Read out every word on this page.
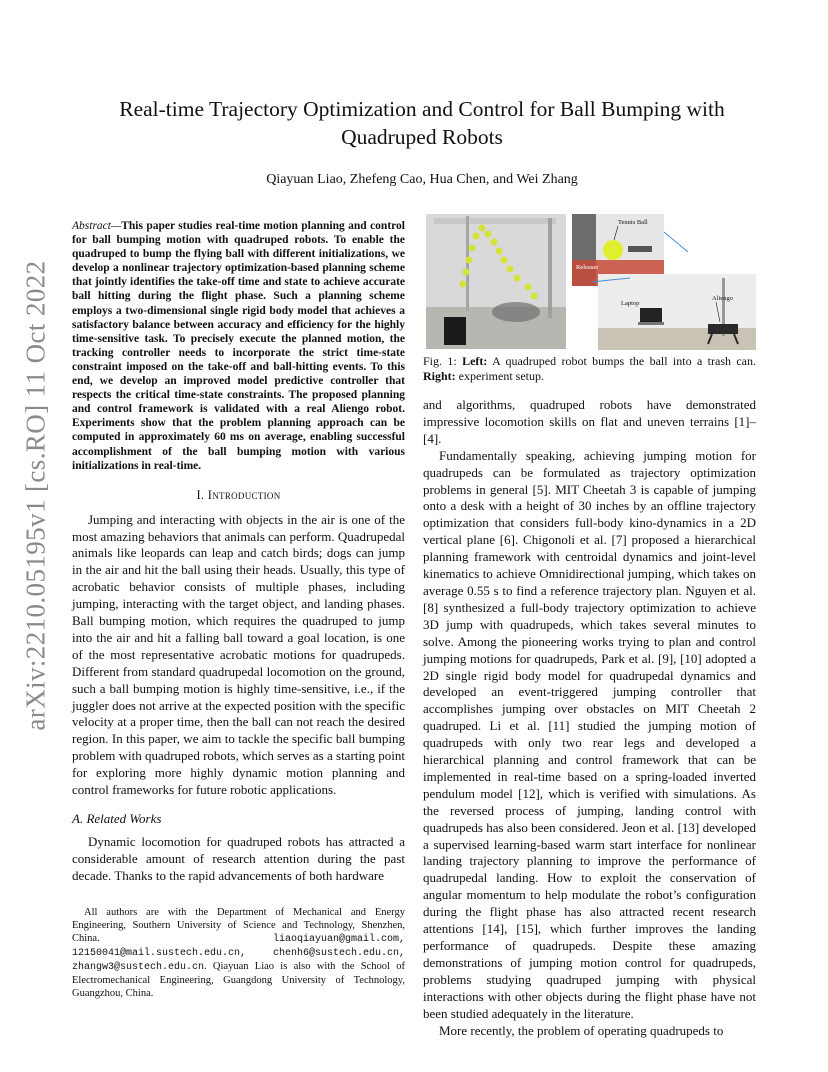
arXiv:2210.05195v1 [cs.RO] 11 Oct 2022
Real-time Trajectory Optimization and Control for Ball Bumping with
Quadruped Robots
Qiayuan Liao, Zhefeng Cao, Hua Chen, and Wei Zhang
Abstract—This paper studies real-time motion planning and control for ball bumping motion with quadruped robots. To enable the quadruped to bump the flying ball with different initializations, we develop a nonlinear trajectory optimization-based planning scheme that jointly identifies the take-off time and state to achieve accurate ball hitting during the flight phase. Such a planning scheme employs a two-dimensional single rigid body model that achieves a satisfactory balance between accuracy and efficiency for the highly time-sensitive task. To precisely execute the planned motion, the tracking controller needs to incorporate the strict time-state constraint imposed on the take-off and ball-hitting events. To this end, we develop an improved model predictive controller that respects the critical time-state constraints. The proposed planning and control framework is validated with a real Aliengo robot. Experiments show that the problem planning approach can be computed in approximately 60 ms on average, enabling successful accomplishment of the ball bumping motion with various initializations in real-time.
I. Introduction

Jumping and interacting with objects in the air is one of the most amazing behaviors that animals can perform. Quadrupedal animals like leopards can leap and catch birds; dogs can jump in the air and hit the ball using their heads. Usually, this type of acrobatic behavior consists of multiple phases, including jumping, interacting with the target object, and landing phases. Ball bumping motion, which requires the quadruped to jump into the air and hit a falling ball toward a goal location, is one of the most representative acrobatic motions for quadrupeds. Different from standard quadrupedal locomotion on the ground, such a ball bumping motion is highly time-sensitive, i.e., if the juggler does not arrive at the expected position with the specific velocity at a proper time, then the ball can not reach the desired region. In this paper, we aim to tackle the specific ball bumping problem with quadruped robots, which serves as a starting point for exploring more highly dynamic motion planning and control frameworks for future robotic applications.

A. Related Works

Dynamic locomotion for quadruped robots has attracted a considerable amount of research attention during the past decade. Thanks to the rapid advancements of both hardware

All authors are with the Department of Mechanical and Energy Engineering, Southern University of Science and Technology, Shenzhen, China.	liaoqiayuan@gmail.com, 12150041@mail.sustech.edu.cn, chenh6@sustech.edu.cn, zhangw3@sustech.edu.cn. Qiayuan Liao is also with the School of Electromechanical Engineering, Guangdong University of Technology, Guangzhou, China.
Tennis Ball
Releaser
Laptop
Aliengo
Fig. 1: Left: A quadruped robot bumps the ball into a trash can. Right: experiment setup.

and algorithms, quadruped robots have demonstrated impressive locomotion skills on flat and uneven terrains [1]–[4].

Fundamentally speaking, achieving jumping motion for quadrupeds can be formulated as trajectory optimization problems in general [5]. MIT Cheetah 3 is capable of jumping onto a desk with a height of 30 inches by an offline trajectory optimization that considers full-body kino-dynamics in a 2D vertical plane [6]. Chigonoli et al. [7] proposed a hierarchical planning framework with centroidal dynamics and joint-level kinematics to achieve Omnidirectional jumping, which takes on average 0.55 s to find a reference trajectory plan. Nguyen et al. [8] synthesized a full-body trajectory optimization to achieve 3D jump with quadrupeds, which takes several minutes to solve. Among the pioneering works trying to plan and control jumping motions for quadrupeds, Park et al. [9], [10] adopted a 2D single rigid body model for quadrupedal dynamics and developed an event-triggered jumping controller that accomplishes jumping over obstacles on MIT Cheetah 2 quadruped. Li et al. [11] studied the jumping motion of quadrupeds with only two rear legs and developed a hierarchical planning and control framework that can be implemented in real-time based on a spring-loaded inverted pendulum model [12], which is verified with simulations. As the reversed process of jumping, landing control with quadrupeds has also been considered. Jeon et al. [13] developed a supervised learning-based warm start interface for nonlinear landing trajectory planning to improve the performance of quadrupedal landing. How to exploit the conservation of angular momentum to help modulate the robot’s configuration during the flight phase has also attracted recent research attentions [14], [15], which further improves the landing performance of quadrupeds. Despite these amazing demonstrations of jumping motion control for quadrupeds, problems studying quadruped jumping with physical interactions with other objects during the flight phase have not been studied adequately in the literature.

More recently, the problem of operating quadrupeds to
